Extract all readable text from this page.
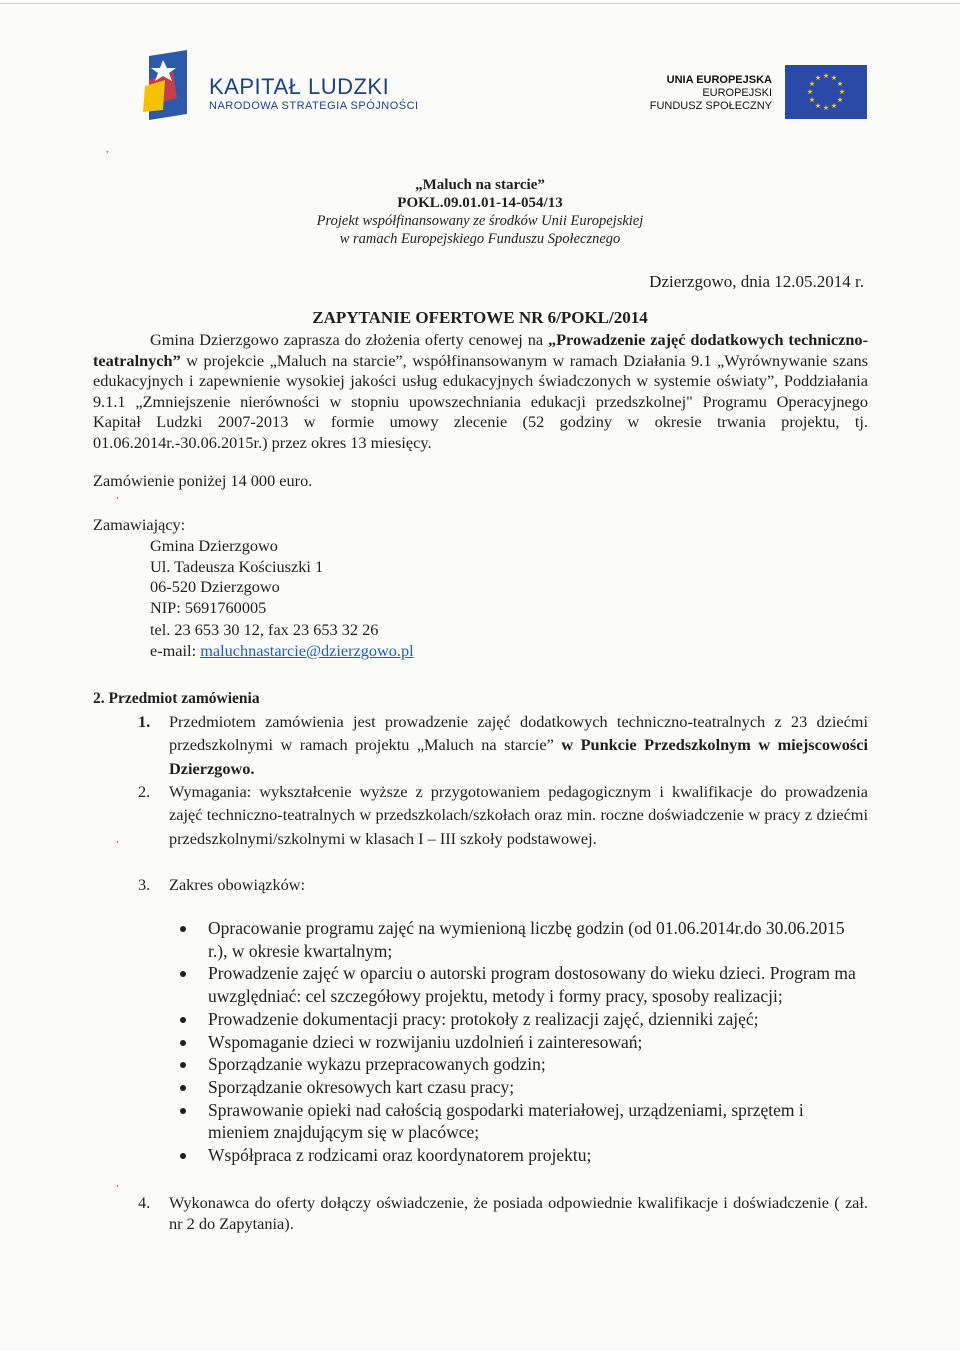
KAPITAŁ LUDZKI
NARODOWA STRATEGIA SPÓJNOŚCI
UNIA EUROPEJSKA
EUROPEJSKI
FUNDUSZ SPOŁECZNY
★ ★
★
★
★
★
★
★
★
★
★
★
„Maluch na starcie”
POKL.09.01.01-14-054/13
Projekt współfinansowany ze środków Unii Europejskiej
w ramach Europejskiego Funduszu Społecznego
Dzierzgowo, dnia 12.05.2014 r.
ZAPYTANIE OFERTOWE NR 6/POKL/2014

Gmina Dzierzgowo zaprasza do złożenia oferty cenowej na „Prowadzenie zajęć dodatkowych techniczno-teatralnych” w projekcie „Maluch na starcie”, współfinansowanym w ramach Działania 9.1 „Wyrównywanie szans edukacyjnych i zapewnienie wysokiej jakości usług edukacyjnych świadczonych w systemie oświaty”, Poddziałania 9.1.1 „Zmniejszenie nierówności w stopniu upowszechniania edukacji przedszkolnej" Programu Operacyjnego Kapitał Ludzki 2007-2013 w formie umowy zlecenie (52 godziny w okresie trwania projektu, tj. 01.06.2014r.-30.06.2015r.) przez okres 13 miesięcy.

Zamówienie poniżej 14 000 euro.
Zamawiający:
Gmina Dzierzgowo
Ul. Tadeusza Kościuszki 1
06-520 Dzierzgowo
NIP: 5691760005
tel. 23 653 30 12, fax 23 653 32 26
e-mail: maluchnastarcie@dzierzgowo.pl
2. Przedmiot zamówienia
1. Przedmiotem zamówienia jest prowadzenie zajęć dodatkowych techniczno-teatralnych z 23 dziećmi przedszkolnymi w ramach projektu „Maluch na starcie” w Punkcie Przedszkolnym w miejscowości Dzierzgowo.
2. Wymagania: wykształcenie wyższe z przygotowaniem pedagogicznym i kwalifikacje do prowadzenia zajęć techniczno-teatralnych w przedszkolach/szkołach oraz min. roczne doświadczenie w pracy z dziećmi przedszkolnymi/szkolnymi w klasach I – III szkoły podstawowej.
3. Zakres obowiązków:
Opracowanie programu zajęć na wymienioną liczbę godzin (od 01.06.2014r.do 30.06.2015 r.), w okresie kwartalnym;
Prowadzenie zajęć w oparciu o autorski program dostosowany do wieku dzieci. Program ma uwzględniać: cel szczegółowy projektu, metody i formy pracy, sposoby realizacji;
Prowadzenie dokumentacji pracy: protokoły z realizacji zajęć, dzienniki zajęć;
Wspomaganie dzieci w rozwijaniu uzdolnień i zainteresowań;
Sporządzanie wykazu przepracowanych godzin;
Sporządzanie okresowych kart czasu pracy;
Sprawowanie opieki nad całością gospodarki materiałowej, urządzeniami, sprzętem i mieniem znajdującym się w placówce;
Współpraca z rodzicami oraz koordynatorem projektu;
4. Wykonawca do oferty dołączy oświadczenie, że posiada odpowiednie kwalifikacje i doświadczenie ( zał. nr 2 do Zapytania).
,
,
,
,
